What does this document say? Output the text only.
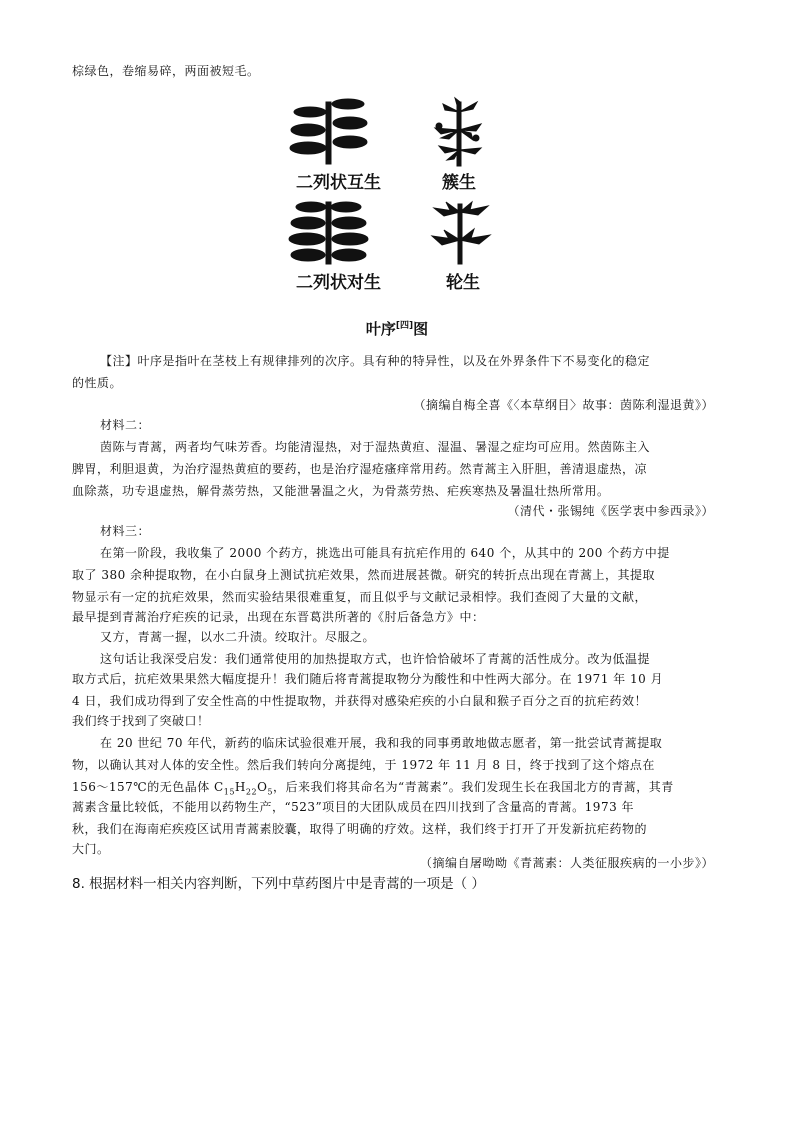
棕绿色，卷缩易碎，两面被短毛。
二列状互生	簇生
二列状对生	轮生
叶序[四]图
【注】叶序是指叶在茎枝上有规律排列的次序。具有种的特异性，以及在外界条件下不易变化的稳定
的性质。
（摘编自梅全喜《〈本草纲目〉故事：茵陈利湿退黄》）
材料二：
茵陈与青蒿，两者均气味芳香。均能清湿热，对于湿热黄疸、湿温、暑湿之症均可应用。然茵陈主入
脾胃，利胆退黄，为治疗湿热黄疸的要药，也是治疗湿疮瘙痒常用药。然青蒿主入肝胆，善清退虚热，凉
血除蒸，功专退虚热，解骨蒸劳热，又能泄暑温之火，为骨蒸劳热、疟疾寒热及暑温壮热所常用。
（清代・张锡纯《医学衷中参西录》）
材料三：
在第一阶段，我收集了 2000 个药方，挑选出可能具有抗疟作用的 640 个，从其中的 200 个药方中提
取了 380 余种提取物，在小白鼠身上测试抗疟效果，然而进展甚微。研究的转折点出现在青蒿上，其提取
物显示有一定的抗疟效果，然而实验结果很难重复，而且似乎与文献记录相悖。我们查阅了大量的文献，
最早提到青蒿治疗疟疾的记录，出现在东晋葛洪所著的《肘后备急方》中：
又方，青蒿一握，以水二升渍。绞取汁。尽服之。
这句话让我深受启发：我们通常使用的加热提取方式，也许恰恰破坏了青蒿的活性成分。改为低温提
取方式后，抗疟效果果然大幅度提升！我们随后将青蒿提取物分为酸性和中性两大部分。在 1971 年 10 月
4 日，我们成功得到了安全性高的中性提取物，并获得对感染疟疾的小白鼠和猴子百分之百的抗疟药效！
我们终于找到了突破口！
在 20 世纪 70 年代，新药的临床试验很难开展，我和我的同事勇敢地做志愿者，第一批尝试青蒿提取
物，以确认其对人体的安全性。然后我们转向分离提纯，于 1972 年 11 月 8 日，终于找到了这个熔点在
156～157℃的无色晶体 $C_{15}H_{22}O_5$，后来我们将其命名为“青蒿素”。我们发现生长在我国北方的青蒿，其青
蒿素含量比较低，不能用以药物生产，“523”项目的大团队成员在四川找到了含量高的青蒿。1973 年
秋，我们在海南疟疾疫区试用青蒿素胶囊，取得了明确的疗效。这样，我们终于打开了开发新抗疟药物的
大门。
（摘编自屠呦呦《青蒿素：人类征服疾病的一小步》）
8. 根据材料一相关内容判断，下列中草药图片中是青蒿的一项是（ ）
